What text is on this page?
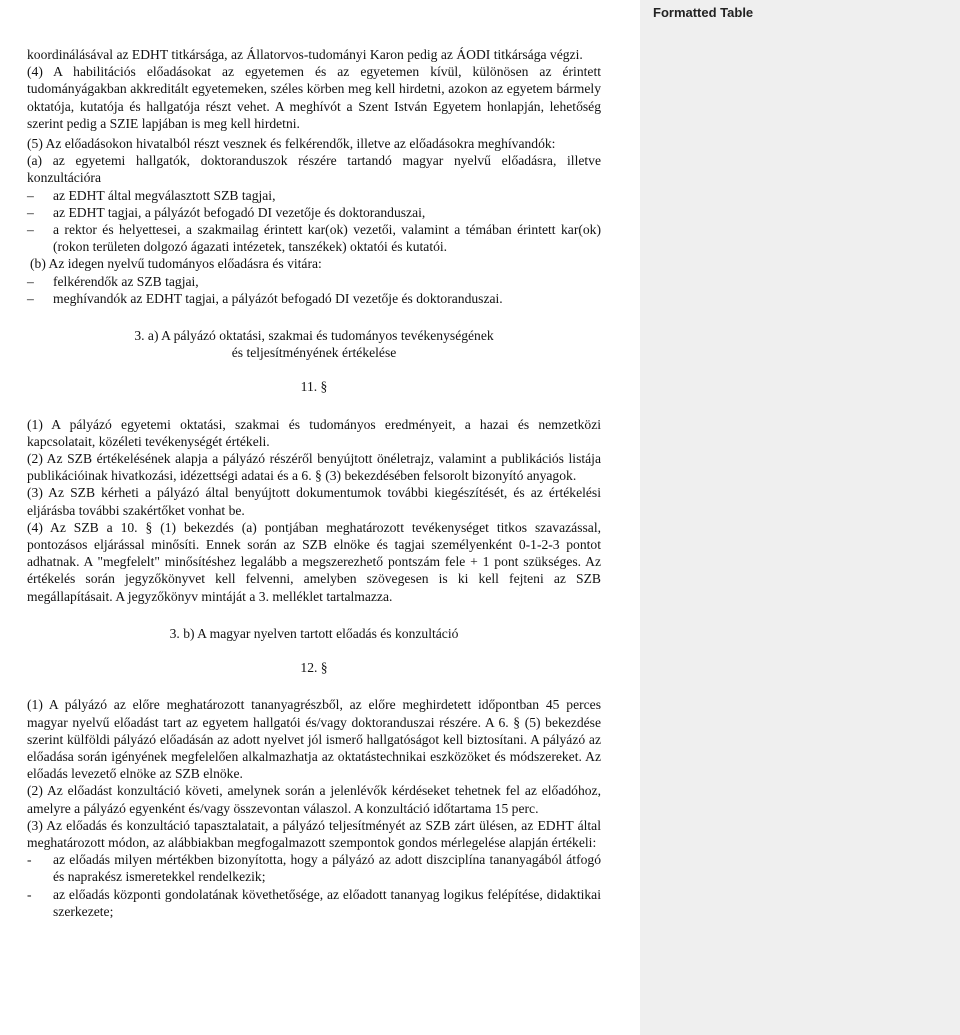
Formatted Table

koordinálásával az EDHT titkársága, az Állatorvos-tudományi Karon pedig az ÁODI titkársága végzi.

(4) A habilitációs előadásokat az egyetemen és az egyetemen kívül, különösen az érintett tudományágakban akkreditált egyetemeken, széles körben meg kell hirdetni, azokon az egyetem bármely oktatója, kutatója és hallgatója részt vehet. A meghívót a Szent István Egyetem honlapján, lehetőség szerint pedig a SZIE lapjában is meg kell hirdetni.

(5) Az előadásokon hivatalból részt vesznek és felkérendők, illetve az előadásokra meghívandók:

(a) az egyetemi hallgatók, doktoranduszok részére tartandó magyar nyelvű előadásra, illetve konzultációra

– az EDHT által megválasztott SZB tagjai,
– az EDHT tagjai, a pályázót befogadó DI vezetője és doktoranduszai,
– a rektor és helyettesei, a szakmailag érintett kar(ok) vezetői, valamint a témában érintett kar(ok) (rokon területen dolgozó ágazati intézetek, tanszékek) oktatói és kutatói.

(b) Az idegen nyelvű tudományos előadásra és vitára:

– felkérendők az SZB tagjai,
– meghívandók az EDHT tagjai, a pályázót befogadó DI vezetője és doktoranduszai.
3. a) A pályázó oktatási, szakmai és tudományos tevékenységének
és teljesítményének értékelése
11. §

(1) A pályázó egyetemi oktatási, szakmai és tudományos eredményeit, a hazai és nemzetközi kapcsolatait, közéleti tevékenységét értékeli.

(2) Az SZB értékelésének alapja a pályázó részéről benyújtott önéletrajz, valamint a publikációs listája publikációinak hivatkozási, idézettségi adatai és a 6. § (3) bekezdésében felsorolt bizonyító anyagok.

(3) Az SZB kérheti a pályázó által benyújtott dokumentumok további kiegészítését, és az értékelési eljárásba további szakértőket vonhat be.

(4) Az SZB a 10. § (1) bekezdés (a) pontjában meghatározott tevékenységet titkos szavazással, pontozásos eljárással minősíti. Ennek során az SZB elnöke és tagjai személyenként 0-1-2-3 pontot adhatnak. A "megfelelt" minősítéshez legalább a megszerezhető pontszám fele + 1 pont szükséges. Az értékelés során jegyzőkönyvet kell felvenni, amelyben szövegesen is ki kell fejteni az SZB megállapításait. A jegyzőkönyv mintáját a 3. melléklet tartalmazza.

3. b) A magyar nyelven tartott előadás és konzultáció
12. §

(1) A pályázó az előre meghatározott tananyagrészből, az előre meghirdetett időpontban 45 perces magyar nyelvű előadást tart az egyetem hallgatói és/vagy doktoranduszai részére. A 6. § (5) bekezdése szerint külföldi pályázó előadásán az adott nyelvet jól ismerő hallgatóságot kell biztosítani. A pályázó az előadása során igényének megfelelően alkalmazhatja az oktatástechnikai eszközöket és módszereket. Az előadás levezető elnöke az SZB elnöke.

(2) Az előadást konzultáció követi, amelynek során a jelenlévők kérdéseket tehetnek fel az előadóhoz, amelyre a pályázó egyenként és/vagy összevontan válaszol. A konzultáció időtartama 15 perc.

(3) Az előadás és konzultáció tapasztalatait, a pályázó teljesítményét az SZB zárt ülésen, az EDHT által meghatározott módon, az alábbiakban megfogalmazott szempontok gondos mérlegelése alapján értékeli:

- az előadás milyen mértékben bizonyította, hogy a pályázó az adott diszciplína tananyagából átfogó és naprakész ismeretekkel rendelkezik;
- az előadás központi gondolatának követhetősége, az előadott tananyag logikus felépítése, didaktikai szerkezete;
